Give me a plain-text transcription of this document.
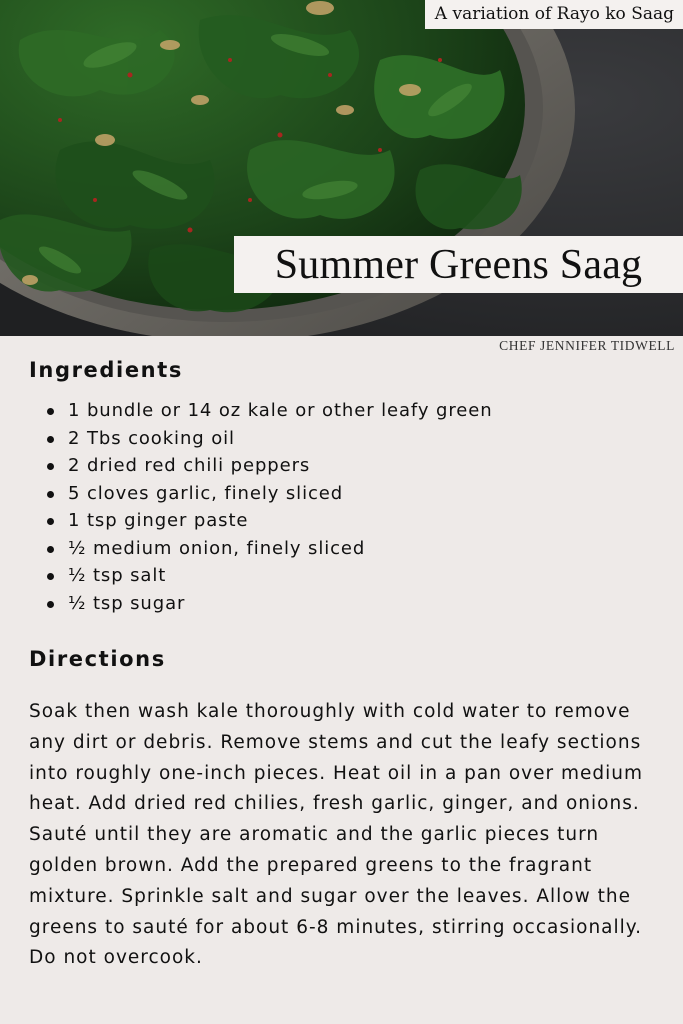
A variation of Rayo ko Saag
Summer Greens Saag
CHEF JENNIFER TIDWELL
Ingredients
1 bundle or 14 oz kale or other leafy green
2 Tbs cooking oil
2 dried red chili peppers
5 cloves garlic, finely sliced
1 tsp ginger paste
½ medium onion, finely sliced
½ tsp salt
½ tsp sugar
Directions

Soak then wash kale thoroughly with cold water to remove any dirt or debris. Remove stems and cut the leafy sections into roughly one-inch pieces. Heat oil in a pan over medium heat. Add dried red chilies, fresh garlic, ginger, and onions. Sauté until they are aromatic and the garlic pieces turn golden brown. Add the prepared greens to the fragrant mixture. Sprinkle salt and sugar over the leaves. Allow the greens to sauté for about 6-8 minutes, stirring occasionally. Do not overcook.
